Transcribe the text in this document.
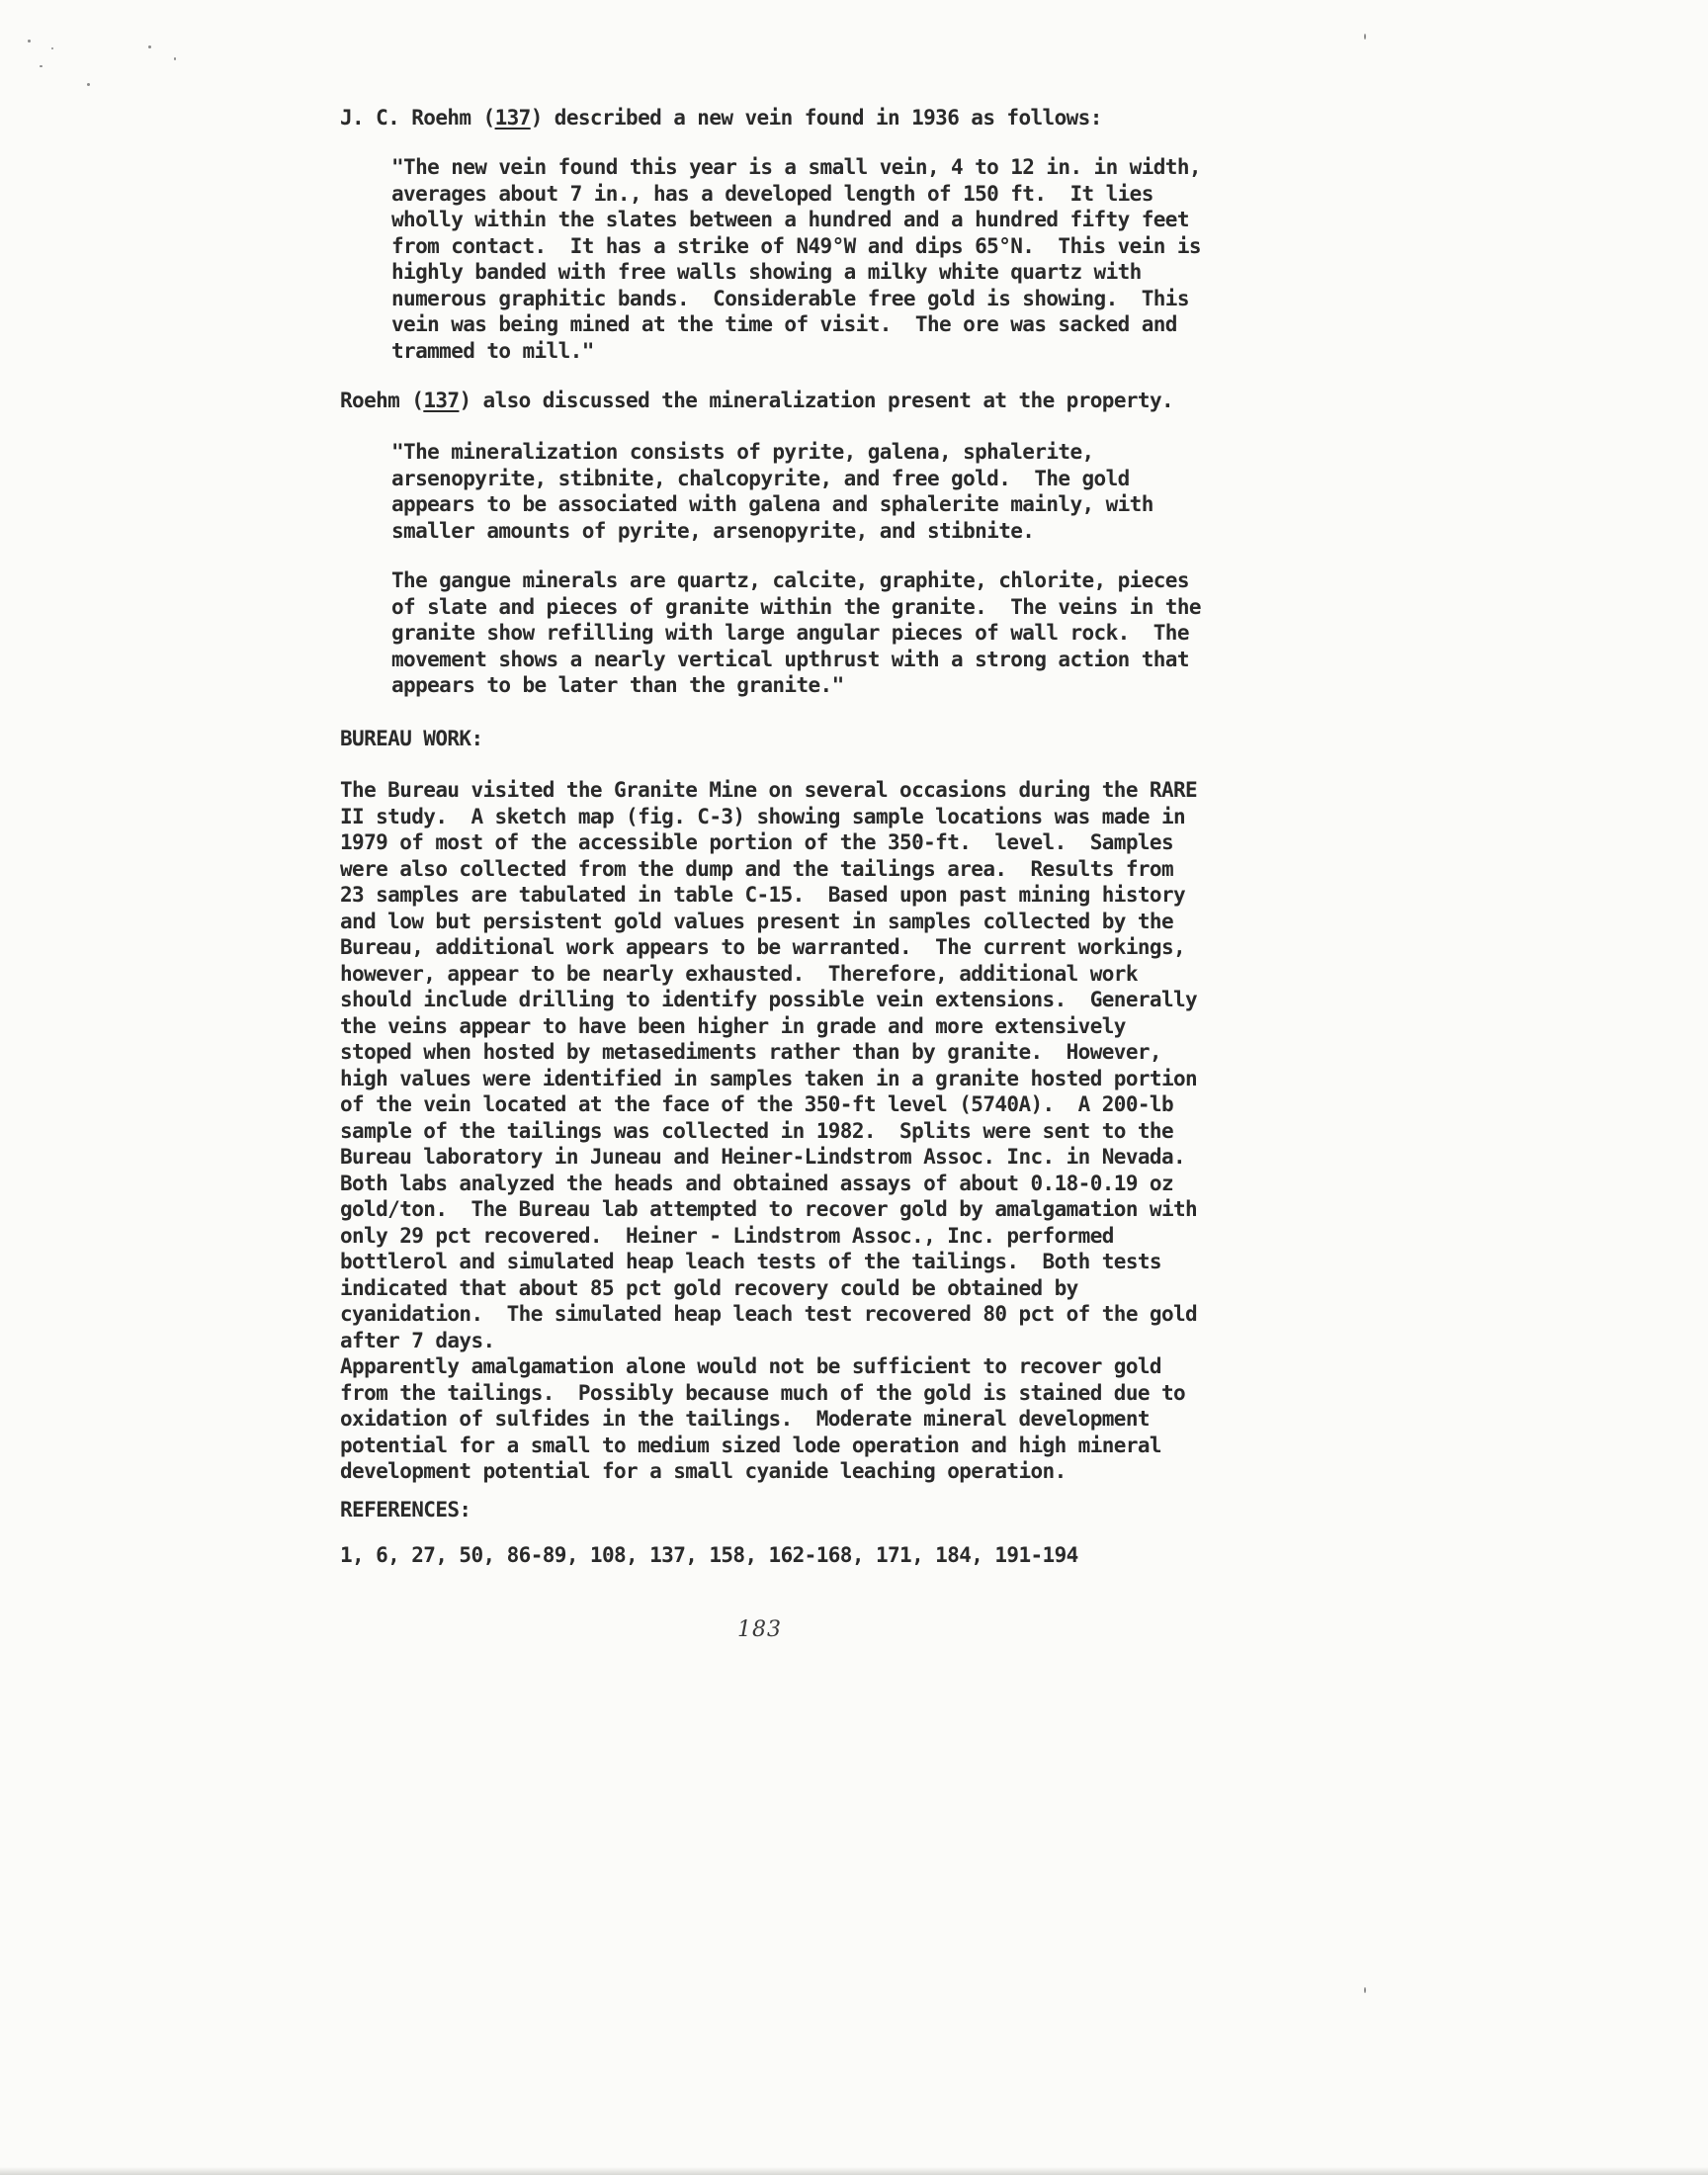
J. C. Roehm (137) described a new vein found in 1936 as follows:

"The new vein found this year is a small vein, 4 to 12 in. in width,
averages about 7 in., has a developed length of 150 ft.  It lies
wholly within the slates between a hundred and a hundred fifty feet
from contact.  It has a strike of N49°W and dips 65°N.  This vein is
highly banded with free walls showing a milky white quartz with
numerous graphitic bands.  Considerable free gold is showing.  This
vein was being mined at the time of visit.  The ore was sacked and
trammed to mill."

Roehm (137) also discussed the mineralization present at the property.

"The mineralization consists of pyrite, galena, sphalerite,
arsenopyrite, stibnite, chalcopyrite, and free gold.  The gold
appears to be associated with galena and sphalerite mainly, with
smaller amounts of pyrite, arsenopyrite, and stibnite.

The gangue minerals are quartz, calcite, graphite, chlorite, pieces
of slate and pieces of granite within the granite.  The veins in the
granite show refilling with large angular pieces of wall rock.  The
movement shows a nearly vertical upthrust with a strong action that
appears to be later than the granite."

BUREAU WORK:

The Bureau visited the Granite Mine on several occasions during the RARE
II study.  A sketch map (fig. C-3) showing sample locations was made in
1979 of most of the accessible portion of the 350-ft.  level.  Samples
were also collected from the dump and the tailings area.  Results from
23 samples are tabulated in table C-15.  Based upon past mining history
and low but persistent gold values present in samples collected by the
Bureau, additional work appears to be warranted.  The current workings,
however, appear to be nearly exhausted.  Therefore, additional work
should include drilling to identify possible vein extensions.  Generally
the veins appear to have been higher in grade and more extensively
stoped when hosted by metasediments rather than by granite.  However,
high values were identified in samples taken in a granite hosted portion
of the vein located at the face of the 350-ft level (5740A).  A 200-lb
sample of the tailings was collected in 1982.  Splits were sent to the
Bureau laboratory in Juneau and Heiner-Lindstrom Assoc. Inc. in Nevada.
Both labs analyzed the heads and obtained assays of about 0.18-0.19 oz
gold/ton.  The Bureau lab attempted to recover gold by amalgamation with
only 29 pct recovered.  Heiner - Lindstrom Assoc., Inc. performed
bottlerol and simulated heap leach tests of the tailings.  Both tests
indicated that about 85 pct gold recovery could be obtained by
cyanidation.  The simulated heap leach test recovered 80 pct of the gold
after 7 days.
Apparently amalgamation alone would not be sufficient to recover gold
from the tailings.  Possibly because much of the gold is stained due to
oxidation of sulfides in the tailings.  Moderate mineral development
potential for a small to medium sized lode operation and high mineral
development potential for a small cyanide leaching operation.

REFERENCES:

1, 6, 27, 50, 86-89, 108, 137, 158, 162-168, 171, 184, 191-194

183
